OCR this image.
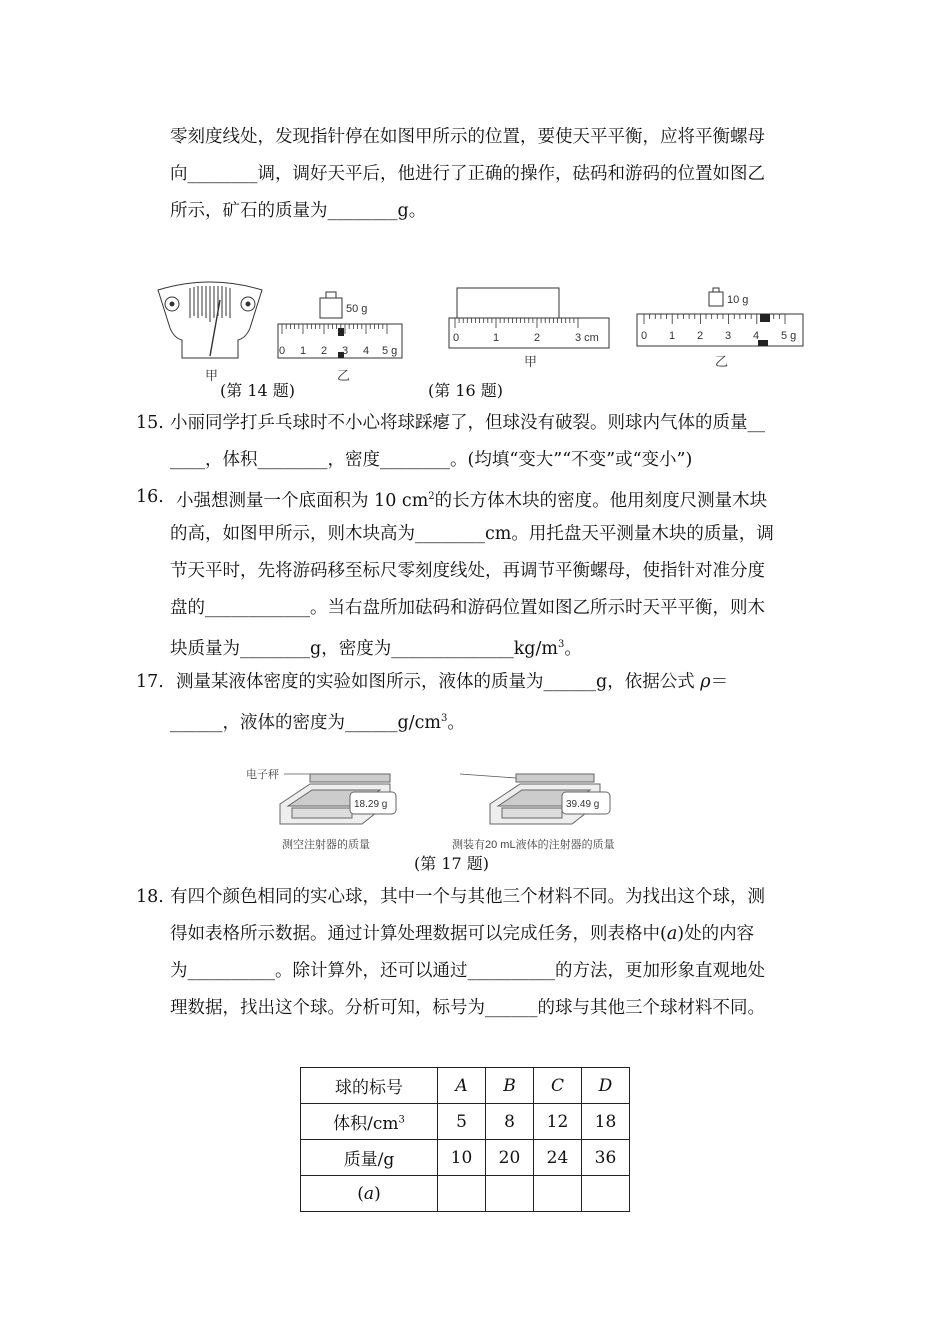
零刻度线处，发现指针停在如图甲所示的位置，要使天平平衡，应将平衡螺母
向________调，调好天平后，他进行了正确的操作，砝码和游码的位置如图乙
所示，矿石的质量为________g。
甲
50 g
0 1 2 3 4 5 g
乙
(第 14 题)
0	1	2	3 cm
甲
10 g
0 1 2 3 4 5 g
乙
(第 16 题)
15. 小丽同学打乒乓球时不小心将球踩瘪了，但球没有破裂。则球内气体的质量__
____，体积________，密度________。(均填“变大”“不变”或“变小”)
16. 小强想测量一个底面积为 10 $cm^2$的长方体木块的密度。他用刻度尺测量木块
的高，如图甲所示，则木块高为________cm。用托盘天平测量木块的质量，调
节天平时，先将游码移至标尺零刻度线处，再调节平衡螺母，使指针对准分度
盘的____________。当右盘所加砝码和游码位置如图乙所示时天平平衡，则木
块质量为________g，密度为$\_\_\_\_\_\_\_\_\_\_\_\_\_\_kg/m^3$。
17. 测量某液体密度的实验如图所示，液体的质量为______g，依据公式 ρ＝
______，液体的密度为$\_\_\_\_\_\_g/cm^3$。
电子秤
18.29 g
测空注射器的质量
39.49 g
测装有20 mL液体的注射器的质量
(第 17 题)
18. 有四个颜色相同的实心球，其中一个与其他三个材料不同。为找出这个球，测
得如表格所示数据。通过计算处理数据可以完成任务，则表格中(a)处的内容
为__________。除计算外，还可以通过__________的方法，更加形象直观地处
理数据，找出这个球。分析可知，标号为______的球与其他三个球材料不同。
球的标号	A	B	C	D
体积$/cm^3$	5	8	12	18
质量/g	10	20	24	36
(a)				
